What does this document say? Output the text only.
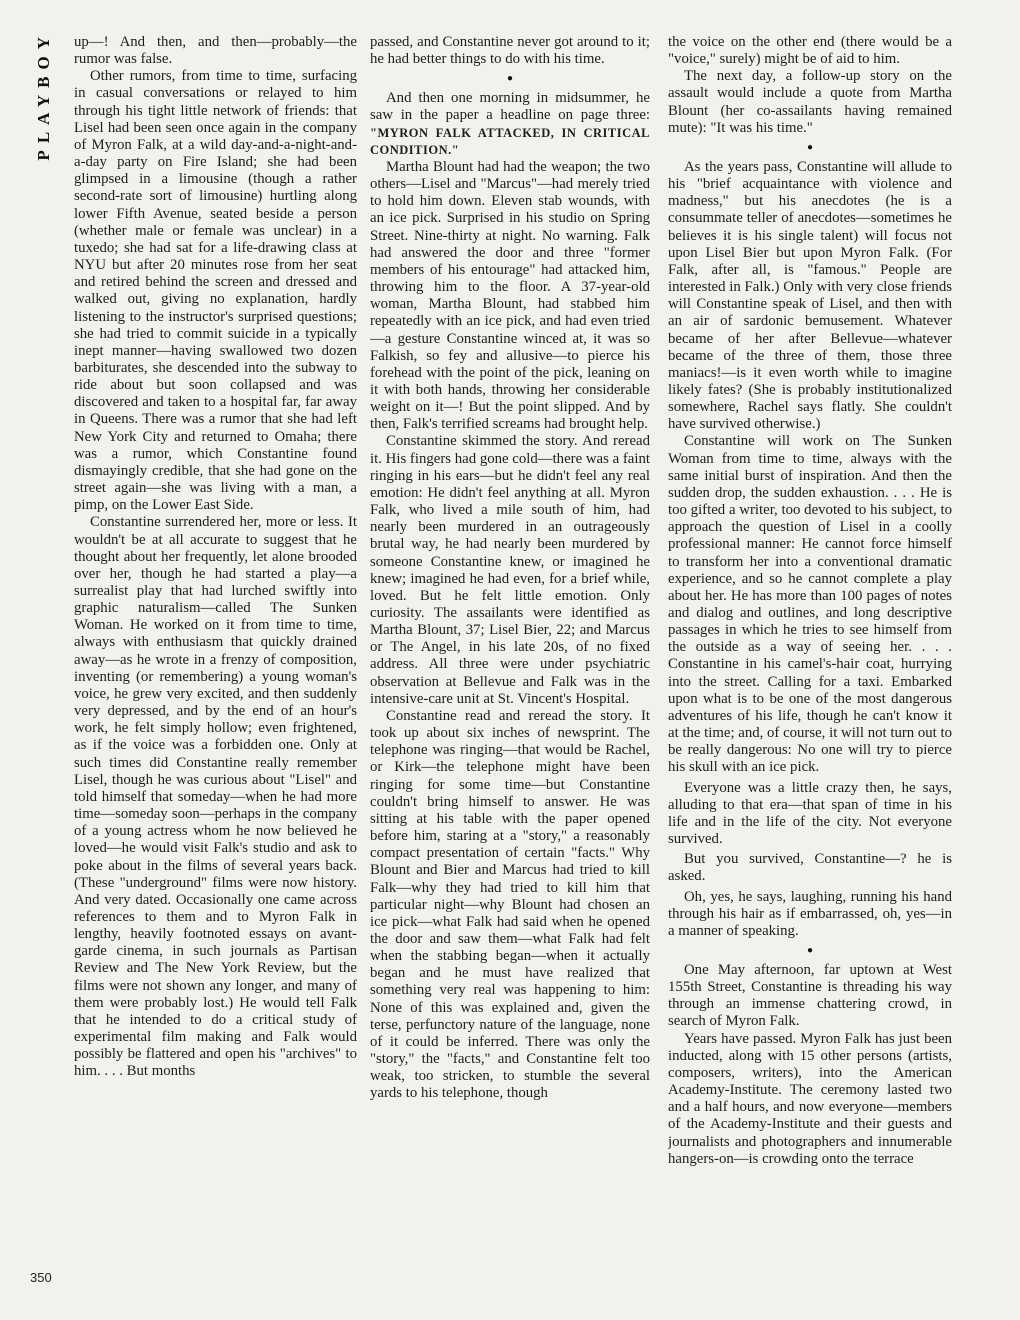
PLAYBOY	up—! And then, and then—probably—the rumor was false.

Other rumors, from time to time, surfacing in casual conversations or relayed to him through his tight little network of friends: that Lisel had been seen once again in the company of Myron Falk, at a wild day-and-a-night-and-a-day party on Fire Island; she had been glimpsed in a limousine (though a rather second-rate sort of limousine) hurtling along lower Fifth Avenue, seated beside a person (whether male or female was unclear) in a tuxedo; she had sat for a life-drawing class at NYU but after 20 minutes rose from her seat and retired behind the screen and dressed and walked out, giving no explanation, hardly listening to the instructor's surprised questions; she had tried to commit suicide in a typically inept manner—having swallowed two dozen barbiturates, she descended into the subway to ride about but soon collapsed and was discovered and taken to a hospital far, far away in Queens. There was a rumor that she had left New York City and returned to Omaha; there was a rumor, which Constantine found dismayingly credible, that she had gone on the street again—she was living with a man, a pimp, on the Lower East Side.

Constantine surrendered her, more or less. It wouldn't be at all accurate to suggest that he thought about her frequently, let alone brooded over her, though he had started a play—a surrealist play that had lurched swiftly into graphic naturalism—called The Sunken Woman. He worked on it from time to time, always with enthusiasm that quickly drained away—as he wrote in a frenzy of composition, inventing (or remembering) a young woman's voice, he grew very excited, and then suddenly very depressed, and by the end of an hour's work, he felt simply hollow; even frightened, as if the voice was a forbidden one. Only at such times did Constantine really remember Lisel, though he was curious about "Lisel" and told himself that someday—when he had more time—someday soon—perhaps in the company of a young actress whom he now believed he loved—he would visit Falk's studio and ask to poke about in the films of several years back. (These "underground" films were now history. And very dated. Occasionally one came across references to them and to Myron Falk in lengthy, heavily footnoted essays on avant-garde cinema, in such journals as Partisan Review and The New York Review, but the films were not shown any longer, and many of them were probably lost.) He would tell Falk that he intended to do a critical study of experimental film making and Falk would possibly be flattered and open his "archives" to him. . . . But months

passed, and Constantine never got around to it; he had better things to do with his time.

●

And then one morning in midsummer, he saw in the paper a headline on page three: "MYRON FALK ATTACKED, IN CRITICAL CONDITION."

Martha Blount had had the weapon; the two others—Lisel and "Marcus"—had merely tried to hold him down. Eleven stab wounds, with an ice pick. Surprised in his studio on Spring Street. Nine-thirty at night. No warning. Falk had answered the door and three "former members of his entourage" had attacked him, throwing him to the floor. A 37-year-old woman, Martha Blount, had stabbed him repeatedly with an ice pick, and had even tried—a gesture Constantine winced at, it was so Falkish, so fey and allusive—to pierce his forehead with the point of the pick, leaning on it with both hands, throwing her considerable weight on it—! But the point slipped. And by then, Falk's terrified screams had brought help.

Constantine skimmed the story. And reread it. His fingers had gone cold—there was a faint ringing in his ears—but he didn't feel any real emotion: He didn't feel anything at all. Myron Falk, who lived a mile south of him, had nearly been murdered in an outrageously brutal way, he had nearly been murdered by someone Constantine knew, or imagined he knew; imagined he had even, for a brief while, loved. But he felt little emotion. Only curiosity. The assailants were identified as Martha Blount, 37; Lisel Bier, 22; and Marcus or The Angel, in his late 20s, of no fixed address. All three were under psychiatric observation at Bellevue and Falk was in the intensive-care unit at St. Vincent's Hospital.

Constantine read and reread the story. It took up about six inches of newsprint. The telephone was ringing—that would be Rachel, or Kirk—the telephone might have been ringing for some time—but Constantine couldn't bring himself to answer. He was sitting at his table with the paper opened before him, staring at a "story," a reasonably compact presentation of certain "facts." Why Blount and Bier and Marcus had tried to kill Falk—why they had tried to kill him that particular night—why Blount had chosen an ice pick—what Falk had said when he opened the door and saw them—what Falk had felt when the stabbing began—when it actually began and he must have realized that something very real was happening to him: None of this was explained and, given the terse, perfunctory nature of the language, none of it could be inferred. There was only the "story," the "facts," and Constantine felt too weak, too stricken, to stumble the several yards to his telephone, though

the voice on the other end (there would be a "voice," surely) might be of aid to him.

The next day, a follow-up story on the assault would include a quote from Martha Blount (her co-assailants having remained mute): "It was his time."

●

As the years pass, Constantine will allude to his "brief acquaintance with violence and madness," but his anecdotes (he is a consummate teller of anecdotes—sometimes he believes it is his single talent) will focus not upon Lisel Bier but upon Myron Falk. (For Falk, after all, is "famous." People are interested in Falk.) Only with very close friends will Constantine speak of Lisel, and then with an air of sardonic bemusement. Whatever became of her after Bellevue—whatever became of the three of them, those three maniacs!—is it even worth while to imagine likely fates? (She is probably institutionalized somewhere, Rachel says flatly. She couldn't have survived otherwise.)

Constantine will work on The Sunken Woman from time to time, always with the same initial burst of inspiration. And then the sudden drop, the sudden exhaustion. . . . He is too gifted a writer, too devoted to his subject, to approach the question of Lisel in a coolly professional manner: He cannot force himself to transform her into a conventional dramatic experience, and so he cannot complete a play about her. He has more than 100 pages of notes and dialog and outlines, and long descriptive passages in which he tries to see himself from the outside as a way of seeing her. . . . Constantine in his camel's-hair coat, hurrying into the street. Calling for a taxi. Embarked upon what is to be one of the most dangerous adventures of his life, though he can't know it at the time; and, of course, it will not turn out to be really dangerous: No one will try to pierce his skull with an ice pick.

Everyone was a little crazy then, he says, alluding to that era—that span of time in his life and in the life of the city. Not everyone survived.

But you survived, Constantine—? he is asked.

Oh, yes, he says, laughing, running his hand through his hair as if embarrassed, oh, yes—in a manner of speaking.

●

One May afternoon, far uptown at West 155th Street, Constantine is threading his way through an immense chattering crowd, in search of Myron Falk.

Years have passed. Myron Falk has just been inducted, along with 15 other persons (artists, composers, writers), into the American Academy-Institute. The ceremony lasted two and a half hours, and now everyone—members of the Academy-Institute and their guests and journalists and photographers and innumerable hangers-on—is crowding onto the terrace

350
